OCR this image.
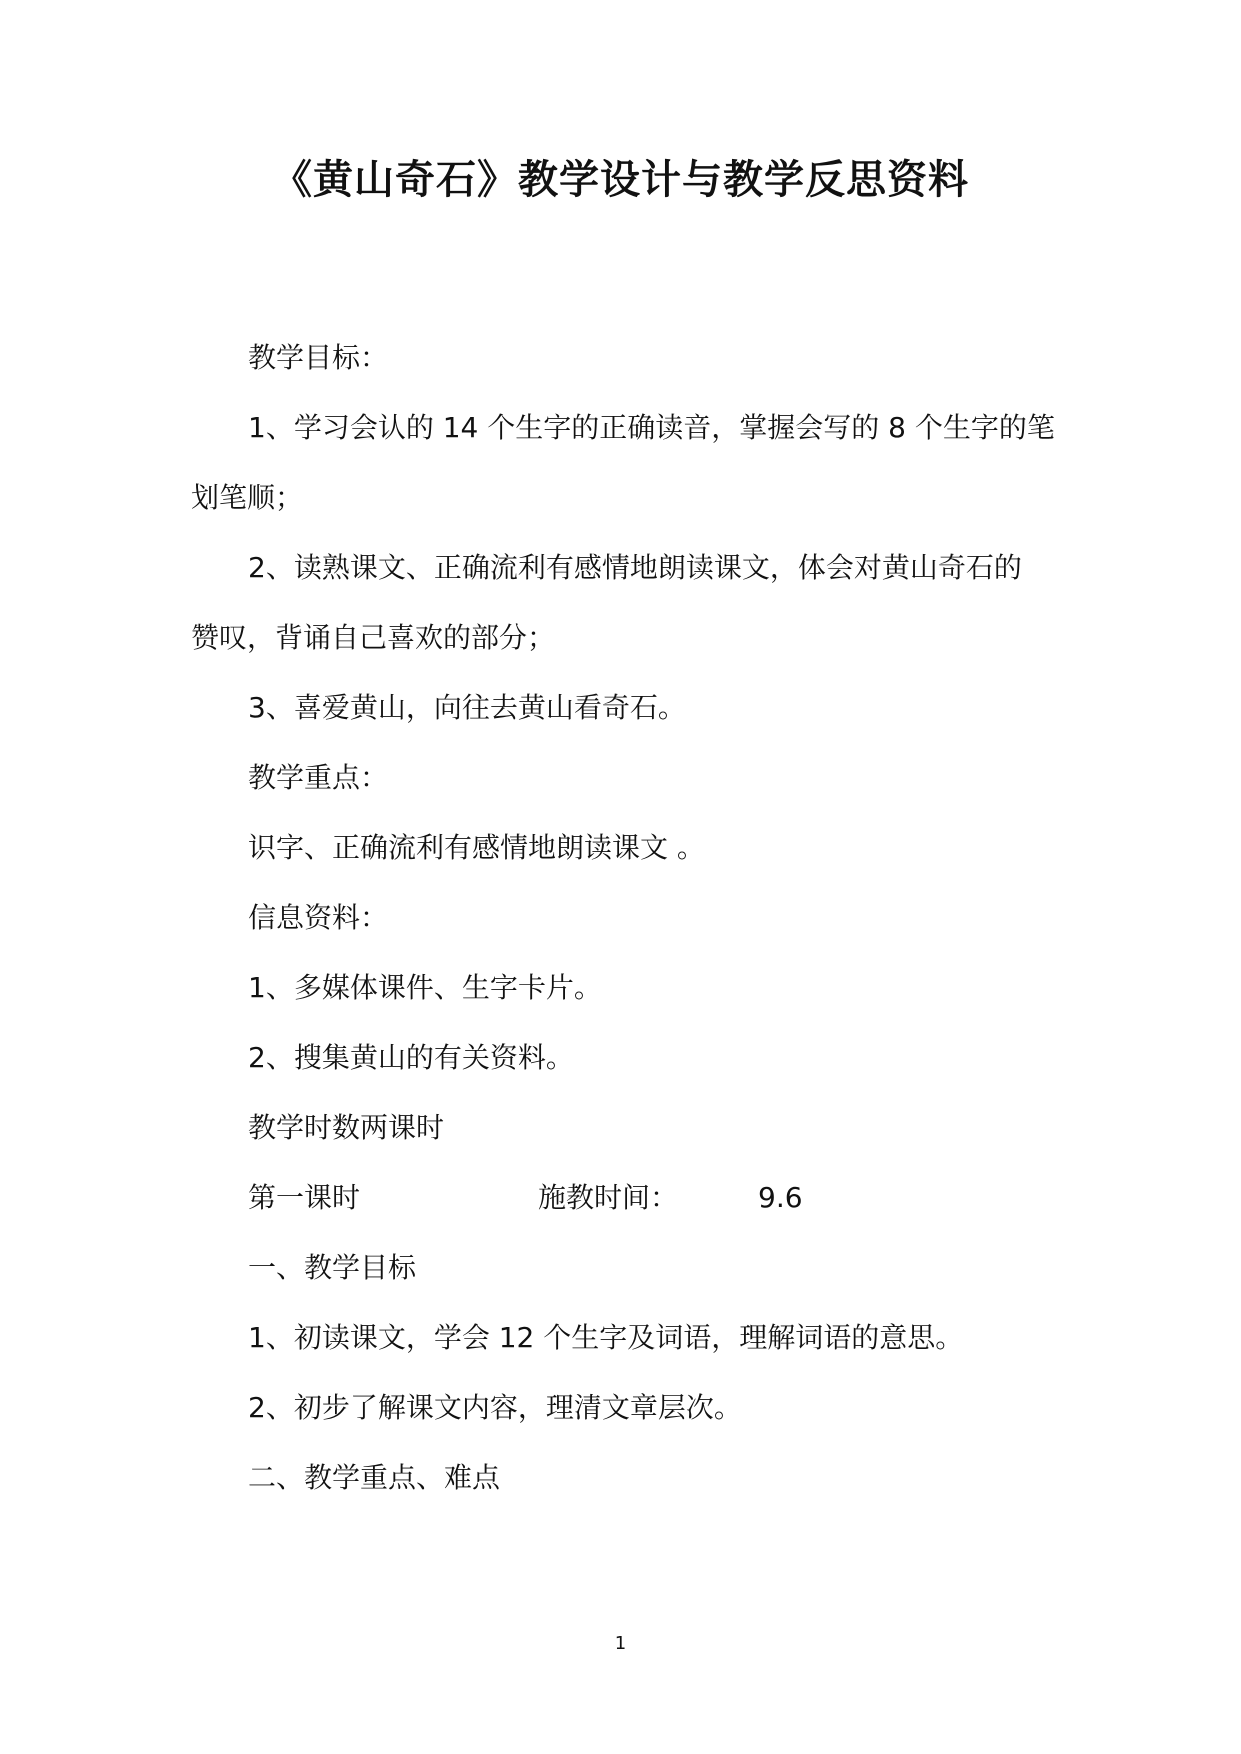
《黄山奇石》教学设计与教学反思资料
教学目标：
1、学习会认的 14 个生字的正确读音，掌握会写的 8 个生字的笔
划笔顺；
2、读熟课文、正确流利有感情地朗读课文，体会对黄山奇石的
赞叹，背诵自己喜欢的部分；
3、喜爱黄山，向往去黄山看奇石。
教学重点：
识字、正确流利有感情地朗读课文 。
信息资料：
1、多媒体课件、生字卡片。
2、搜集黄山的有关资料。
教学时数两课时
第一课时	施教时间：	9.6
一、教学目标
1、初读课文，学会 12 个生字及词语，理解词语的意思。
2、初步了解课文内容，理清文章层次。
二、教学重点、难点
1
